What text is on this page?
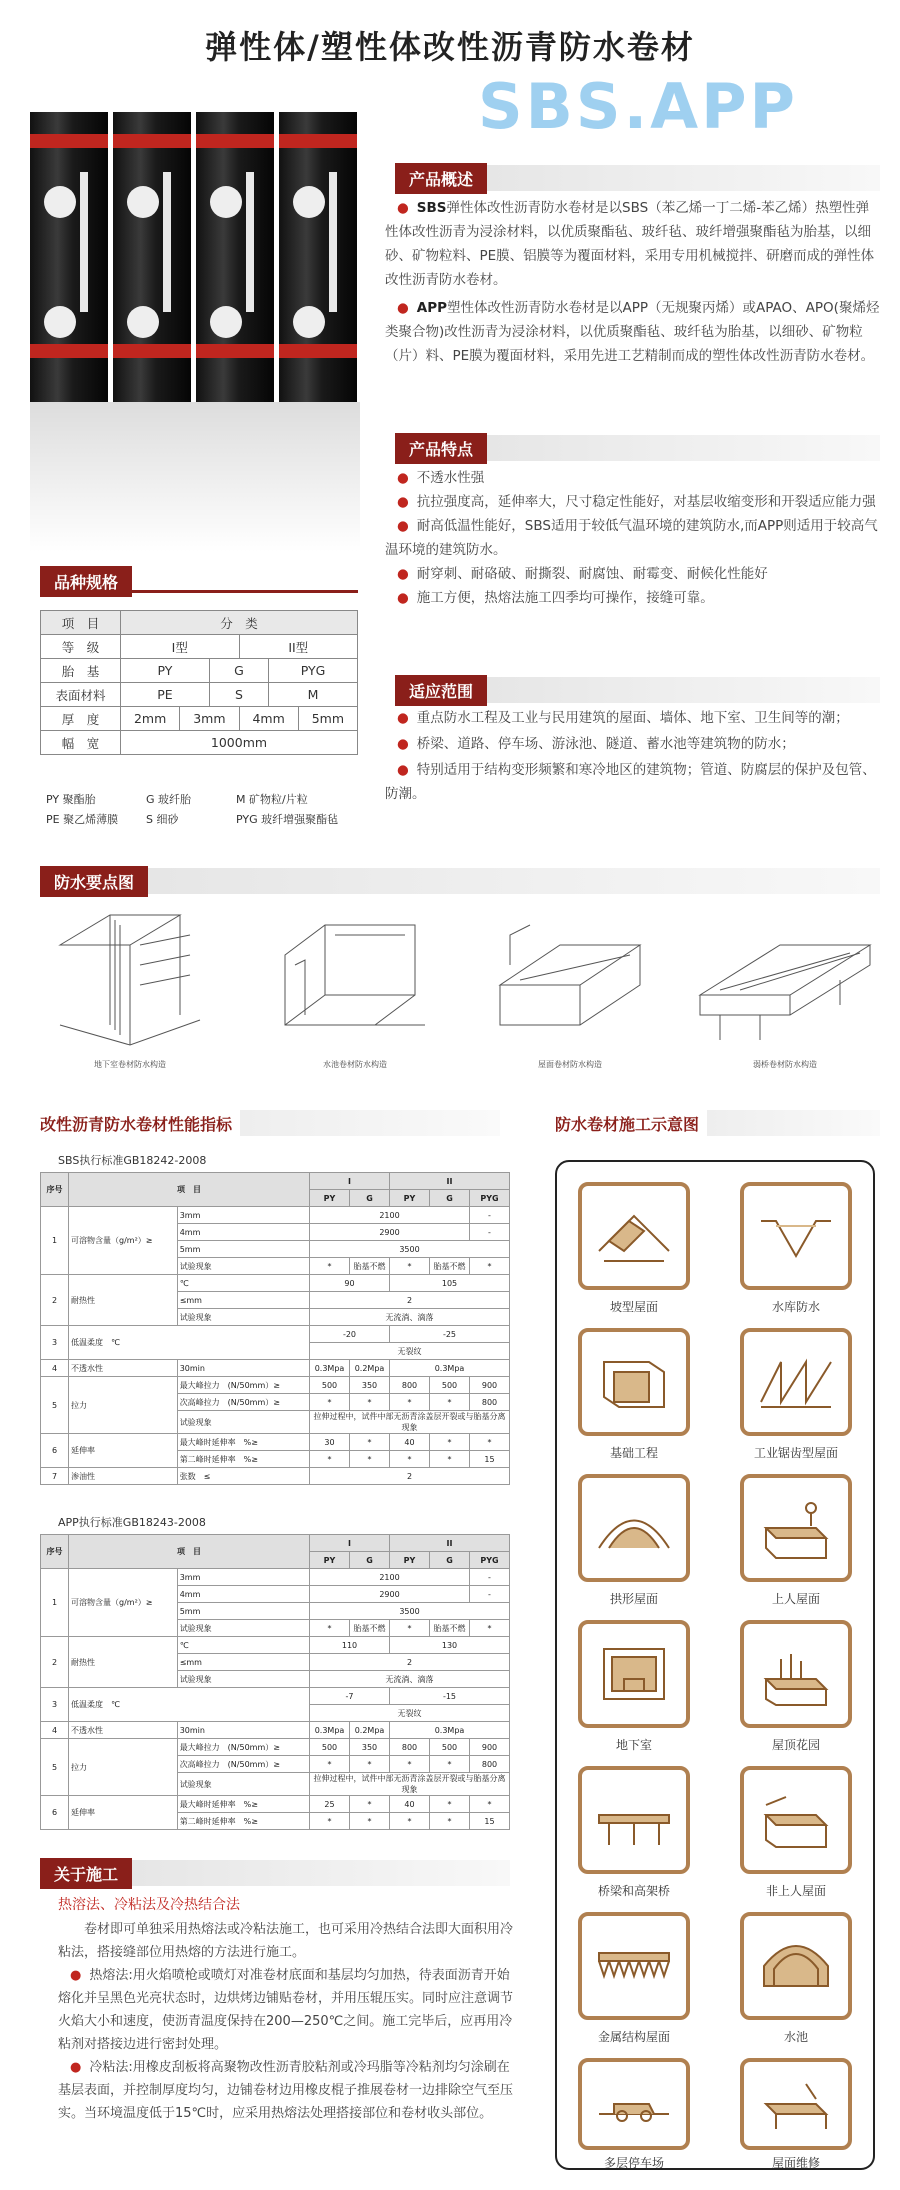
弹性体/塑性体改性沥青防水卷材
SBS.APP
产品概述

● SBS弹性体改性沥青防水卷材是以SBS（苯乙烯一丁二烯-苯乙烯）热塑性弹性体改性沥青为浸涂材料，以优质聚酯毡、玻纤毡、玻纤增强聚酯毡为胎基，以细砂、矿物粒料、PE膜、铝膜等为覆面材料，采用专用机械搅拌、研磨而成的弹性体改性沥青防水卷材。

● APP塑性体改性沥青防水卷材是以APP（无规聚丙烯）或APAO、APO(聚烯烃类聚合物)改性沥青为浸涂材料，以优质聚酯毡、玻纤毡为胎基，以细砂、矿物粒（片）料、PE膜为覆面材料，采用先进工艺精制而成的塑性体改性沥青防水卷材。

产品特点

● 不透水性强

● 抗拉强度高，延伸率大，尺寸稳定性能好，对基层收缩变形和开裂适应能力强

● 耐高低温性能好，SBS适用于较低气温环境的建筑防水,而APP则适用于较高气温环境的建筑防水。

● 耐穿刺、耐硌破、耐撕裂、耐腐蚀、耐霉变、耐候化性能好

● 施工方便，热熔法施工四季均可操作，接缝可靠。

适应范围

● 重点防水工程及工业与民用建筑的屋面、墙体、地下室、卫生间等的潮；

● 桥梁、道路、停车场、游泳池、隧道、蓄水池等建筑物的防水；

● 特别适用于结构变形频繁和寒冷地区的建筑物；管道、防腐层的保护及包管、防潮。

品种规格
项　目	分　类					
等　级	I型			II型		
胎　基	PY		G		PYG	
表面材料	PE		S		M	
厚　度	2mm	3mm		4mm		5mm
幅　宽	1000mm					
PY 聚酯胎	G 玻纤胎	M 矿物粒/片粒
PE 聚乙烯薄膜	S 细砂	PYG 玻纤增强聚酯毡
防水要点图
地下室卷材防水构造	水池卷材防水构造	屋面卷材防水构造	弱桥卷材防水构造
改性沥青防水卷材性能指标	防水卷材施工示意图
SBS执行标准GB18242-2008
序号	项　目		I		II		
			PY	G	PY	G	PYG
1	可溶物含量（g/m²）≥	3mm	2100				-
		4mm	2900				-
		5mm	3500				
		试验现象	*	胎基不燃	*	胎基不燃	*
2	耐热性	℃	90		105		
		≤mm	2				
		试验现象	无流淌、滴落				
3	低温柔度　℃		-20		-25		
			无裂纹				
4	不透水性	30min	0.3Mpa	0.2Mpa	0.3Mpa		
5	拉力	最大峰拉力　(N/50mm）≥	500	350	800	500	900
		次高峰拉力　(N/50mm）≥	*	*	*	*	800
		试验现象	拉伸过程中，试件中部无沥青涂盖层开裂或与胎基分离现象				
6	延伸率	最大峰时延伸率　%≥	30	*	40	*	*
		第二峰时延伸率　%≥	*	*	*	*	15
7	渗油性	张数　≤	2				
APP执行标准GB18243-2008
序号	项　目		I		II		
			PY	G	PY	G	PYG
1	可溶物含量（g/m²）≥	3mm	2100				-
		4mm	2900				-
		5mm	3500				
		试验现象	*	胎基不燃	*	胎基不燃	*
2	耐热性	℃	110		130		
		≤mm	2				
		试验现象	无流淌、滴落				
3	低温柔度　℃		-7		-15		
			无裂纹				
4	不透水性	30min	0.3Mpa	0.2Mpa	0.3Mpa		
5	拉力	最大峰拉力　(N/50mm）≥	500	350	800	500	900
		次高峰拉力　(N/50mm）≥	*	*	*	*	800
		试验现象	拉伸过程中，试件中部无沥青涂盖层开裂或与胎基分离现象				
6	延伸率	最大峰时延伸率　%≥	25	*	40	*	*
		第二峰时延伸率　%≥	*	*	*	*	15
关于施工
热溶法、冷粘法及冷热结合法

卷材即可单独采用热熔法或冷粘法施工，也可采用冷热结合法即大面积用冷粘法，搭接缝部位用热熔的方法进行施工。

● 热熔法:用火焰喷枪或喷灯对准卷材底面和基层均匀加热，待表面沥青开始熔化并呈黑色光亮状态时，边烘烤边铺贴卷材，并用压辊压实。同时应注意调节火焰大小和速度，使沥青温度保持在200—250℃之间。施工完毕后，应再用冷粘剂对搭接边进行密封处理。

● 冷粘法:用橡皮刮板将高聚物改性沥青胶粘剂或冷玛脂等冷粘剂均匀涂刷在基层表面，并控制厚度均匀，边铺卷材边用橡皮棍子推展卷材一边排除空气至压实。当环境温度低于15℃时，应采用热熔法处理搭接部位和卷材收头部位。

坡型屋面	水库防水
基础工程	工业锯齿型屋面
拱形屋面	上人屋面
地下室	屋顶花园
桥梁和高架桥	非上人屋面
金属结构屋面	水池
多层停车场	屋面维修
